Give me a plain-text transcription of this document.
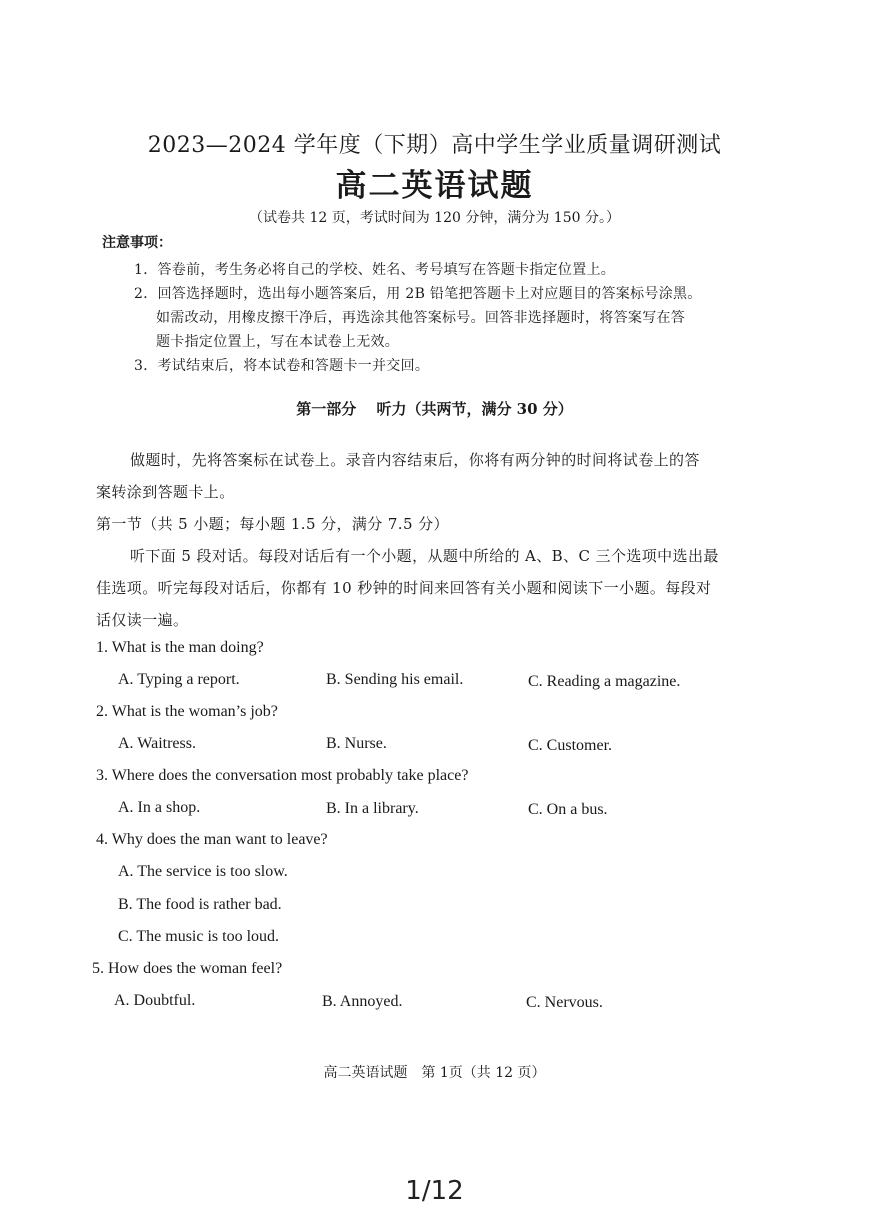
2023—2024 学年度（下期）高中学生学业质量调研测试
高二英语试题
（试卷共 12 页，考试时间为 120 分钟，满分为 150 分。）
注意事项：
1．答卷前，考生务必将自己的学校、姓名、考号填写在答题卡指定位置上。
2．回答选择题时，选出每小题答案后，用 2B 铅笔把答题卡上对应题目的答案标号涂黑。
如需改动，用橡皮擦干净后，再选涂其他答案标号。回答非选择题时，将答案写在答
题卡指定位置上，写在本试卷上无效。
3．考试结束后，将本试卷和答题卡一并交回。
第一部分　 听力（共两节，满分 30 分）
做题时，先将答案标在试卷上。录音内容结束后，你将有两分钟的时间将试卷上的答
案转涂到答题卡上。
第一节（共 5 小题；每小题 1.5 分，满分 7.5 分）
听下面 5 段对话。每段对话后有一个小题，从题中所给的 A、B、C 三个选项中选出最
佳选项。听完每段对话后，你都有 10 秒钟的时间来回答有关小题和阅读下一小题。每段对
话仅读一遍。
1. What is the man doing?
A. Typing a report.	B. Sending his email.	C. Reading a magazine.
2. What is the woman’s job?
A. Waitress.	B. Nurse.	C. Customer.
3. Where does the conversation most probably take place?
A. In a shop.	B. In a library.	C. On a bus.
4. Why does the man want to leave?
A. The service is too slow.
B. The food is rather bad.
C. The music is too loud.
5. How does the woman feel?
A. Doubtful.	B. Annoyed.	C. Nervous.
高二英语试题　第 1页（共 12 页）
1/12
